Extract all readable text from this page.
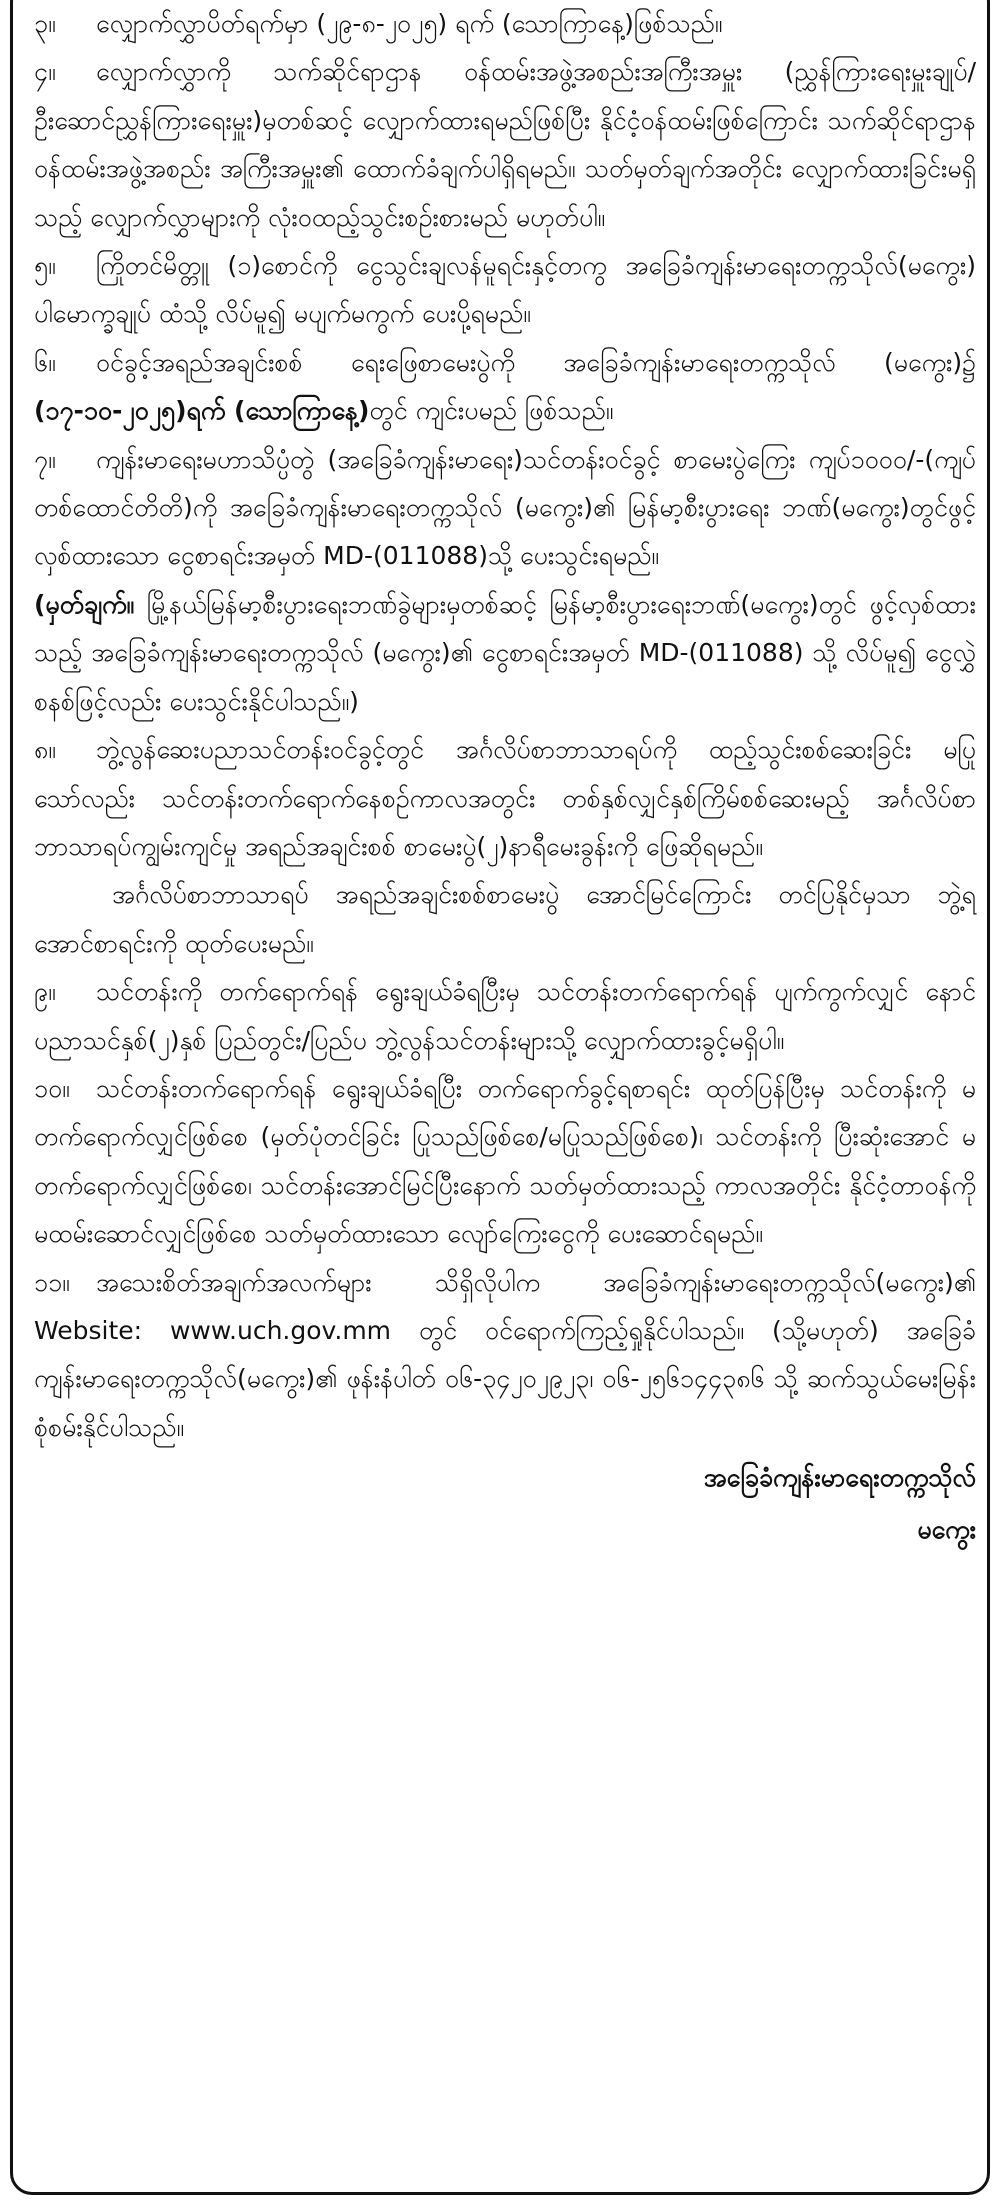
၃။ လျှောက်လွှာပိတ်ရက်မှာ (၂၉-၈-၂၀၂၅) ရက် (သောကြာနေ့)ဖြစ်သည်။

၄။ လျှောက်လွှာကို သက်ဆိုင်ရာဌာန ဝန်ထမ်းအဖွဲ့အစည်းအကြီးအမှူး (ညွှန်ကြားရေးမှူးချုပ်/ဦးဆောင်ညွှန်ကြားရေးမှူး)မှတစ်ဆင့် လျှောက်ထားရမည်ဖြစ်ပြီး နိုင်ငံ့ဝန်ထမ်းဖြစ်ကြောင်း သက်ဆိုင်ရာဌာန ဝန်ထမ်းအဖွဲ့အစည်း အကြီးအမှူး၏ ထောက်ခံချက်ပါရှိရမည်။ သတ်မှတ်ချက်အတိုင်း လျှောက်ထားခြင်းမရှိသည့် လျှောက်လွှာများကို လုံးဝထည့်သွင်းစဉ်းစားမည် မဟုတ်ပါ။

၅။ ကြိုတင်မိတ္တူ (၁)စောင်ကို ငွေသွင်းချလန်မူရင်းနှင့်တကွ အခြေခံကျန်းမာရေးတက္ကသိုလ်(မကွေး) ပါမောက္ခချုပ် ထံသို့ လိပ်မူ၍ မပျက်မကွက် ပေးပို့ရမည်။

၆။ ဝင်ခွင့်အရည်အချင်းစစ် ရေးဖြေစာမေးပွဲကို အခြေခံကျန်းမာရေးတက္ကသိုလ် (မကွေး)၌ (၁၇-၁၀-၂၀၂၅)ရက် (သောကြာနေ့)တွင် ကျင်းပမည် ဖြစ်သည်။

၇။ ကျန်းမာရေးမဟာသိပ္ပံတွဲ (အခြေခံကျန်းမာရေး)သင်တန်းဝင်ခွင့် စာမေးပွဲကြေး ကျပ်၁၀၀၀/-(ကျပ်တစ်ထောင်တိတိ)ကို အခြေခံကျန်းမာရေးတက္ကသိုလ် (မကွေး)၏ မြန်မာ့စီးပွားရေး ဘဏ်(မကွေး)တွင်ဖွင့်လှစ်ထားသော ငွေစာရင်းအမှတ် MD-(011088)သို့ ပေးသွင်းရမည်။

(မှတ်ချက်။ မြို့နယ်မြန်မာ့စီးပွားရေးဘဏ်ခွဲများမှတစ်ဆင့် မြန်မာ့စီးပွားရေးဘဏ်(မကွေး)တွင် ဖွင့်လှစ်ထားသည့် အခြေခံကျန်းမာရေးတက္ကသိုလ် (မကွေး)၏ ငွေစာရင်းအမှတ် MD-(011088) သို့ လိပ်မူ၍ ငွေလွှဲစနစ်ဖြင့်လည်း ပေးသွင်းနိုင်ပါသည်။)

၈။ ဘွဲ့လွန်ဆေးပညာသင်တန်းဝင်ခွင့်တွင် အင်္ဂလိပ်စာဘာသာရပ်ကို ထည့်သွင်းစစ်ဆေးခြင်း မပြုသော်လည်း သင်တန်းတက်ရောက်နေစဉ်ကာလအတွင်း တစ်နှစ်လျှင်နှစ်ကြိမ်စစ်ဆေးမည့် အင်္ဂလိပ်စာဘာသာရပ်ကျွမ်းကျင်မှု အရည်အချင်းစစ် စာမေးပွဲ(၂)နာရီမေးခွန်းကို ဖြေဆိုရမည်။

အင်္ဂလိပ်စာဘာသာရပ် အရည်အချင်းစစ်စာမေးပွဲ အောင်မြင်ကြောင်း တင်ပြနိုင်မှသာ ဘွဲ့ရအောင်စာရင်းကို ထုတ်ပေးမည်။

၉။ သင်တန်းကို တက်ရောက်ရန် ရွေးချယ်ခံရပြီးမှ သင်တန်းတက်ရောက်ရန် ပျက်ကွက်လျှင် နောင် ပညာသင်နှစ်(၂)နှစ် ပြည်တွင်း/ပြည်ပ ဘွဲ့လွန်သင်တန်းများသို့ လျှောက်ထားခွင့်မရှိပါ။

၁၀။ သင်တန်းတက်ရောက်ရန် ရွေးချယ်ခံရပြီး တက်ရောက်ခွင့်ရစာရင်း ထုတ်ပြန်ပြီးမှ သင်တန်းကို မတက်ရောက်လျှင်ဖြစ်စေ (မှတ်ပုံတင်ခြင်း ပြုသည်ဖြစ်စေ/မပြုသည်ဖြစ်စေ)၊ သင်တန်းကို ပြီးဆုံးအောင် မတက်ရောက်လျှင်ဖြစ်စေ၊ သင်တန်းအောင်မြင်ပြီးနောက် သတ်မှတ်ထားသည့် ကာလအတိုင်း နိုင်ငံ့တာဝန်ကို မထမ်းဆောင်လျှင်ဖြစ်စေ သတ်မှတ်ထားသော လျော်ကြေးငွေကို ပေးဆောင်ရမည်။

၁၁။ အသေးစိတ်အချက်အလက်များ သိရှိလိုပါက အခြေခံကျန်းမာရေးတက္ကသိုလ်(မကွေး)၏ Website: www.uch.gov.mm တွင် ဝင်ရောက်ကြည့်ရှုနိုင်ပါသည်။ (သို့မဟုတ်) အခြေခံကျန်းမာရေးတက္ကသိုလ်(မကွေး)၏ ဖုန်းနံပါတ် ၀၆-၃၄၂၀၂၉၂၃၊ ၀၆-၂၅၆၁၄၄၃၈၆ သို့ ဆက်သွယ်မေးမြန်းစုံစမ်းနိုင်ပါသည်။

အခြေခံကျန်းမာရေးတက္ကသိုလ်
မကွေး
